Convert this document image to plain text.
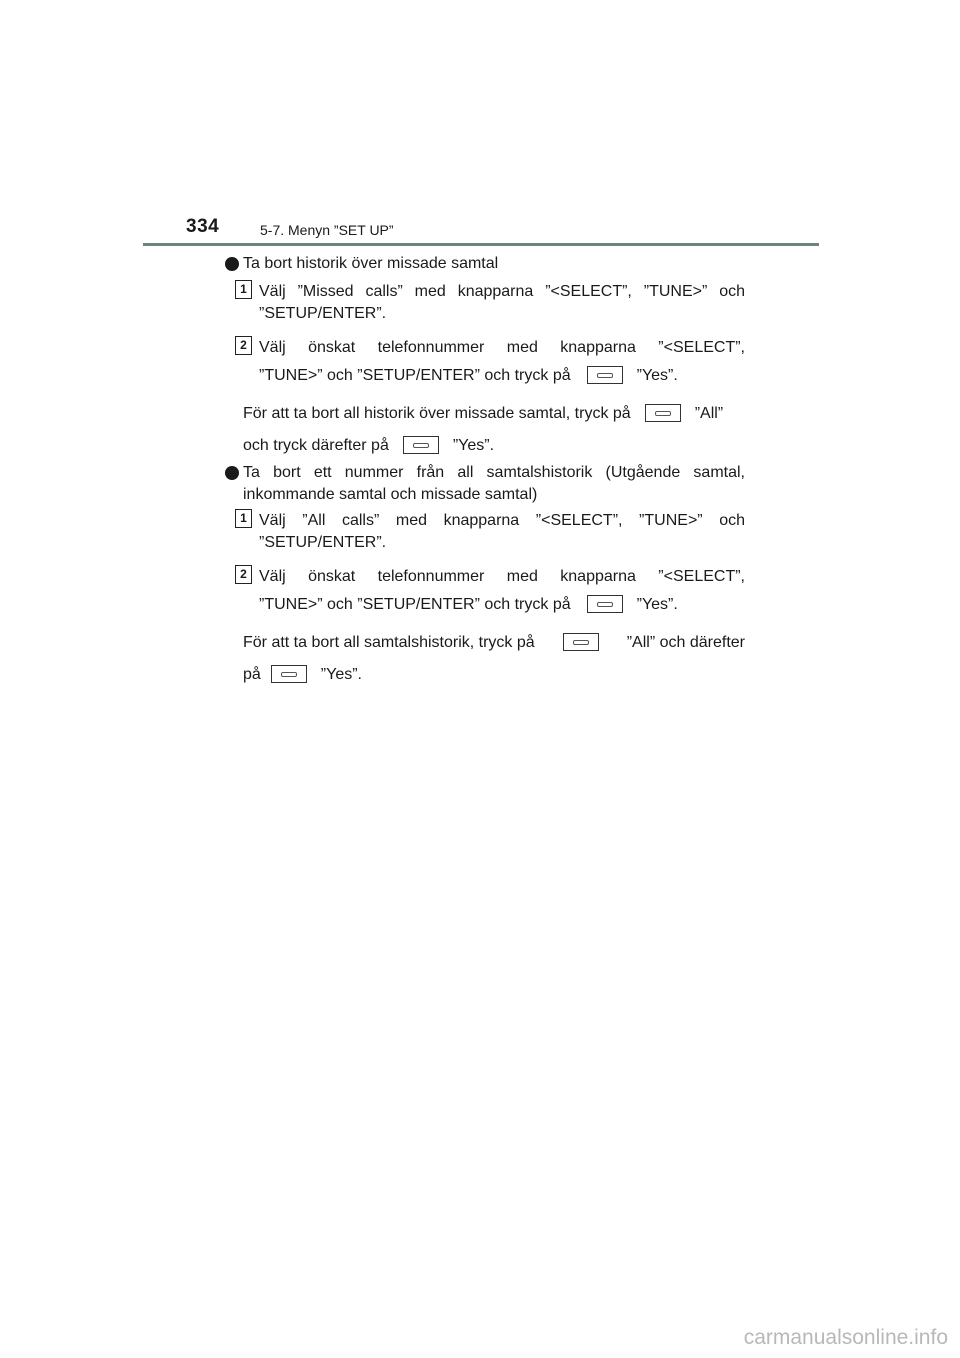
334	5-7. Menyn ”SET UP”
Ta bort historik över missade samtal
1 Välj ”Missed calls” med knapparna ”<SELECT”, ”TUNE>” och
”SETUP/ENTER”.
2 Välj önskat telefonnummer med knapparna ”<SELECT”,
”TUNE>” och ”SETUP/ENTER” och tryck på	”Yes”.
För att ta bort all historik över missade samtal, tryck på	”All”
och tryck därefter på	”Yes”.
Ta bort ett nummer från all samtalshistorik (Utgående samtal,
inkommande samtal och missade samtal)
1 Välj ”All calls” med knapparna ”<SELECT”, ”TUNE>” och
”SETUP/ENTER”.
2 Välj önskat telefonnummer med knapparna ”<SELECT”,
”TUNE>” och ”SETUP/ENTER” och tryck på	”Yes”.
För att ta bort all samtalshistorik, tryck på	”All” och därefter
på	”Yes”.
carmanualsonline.info
